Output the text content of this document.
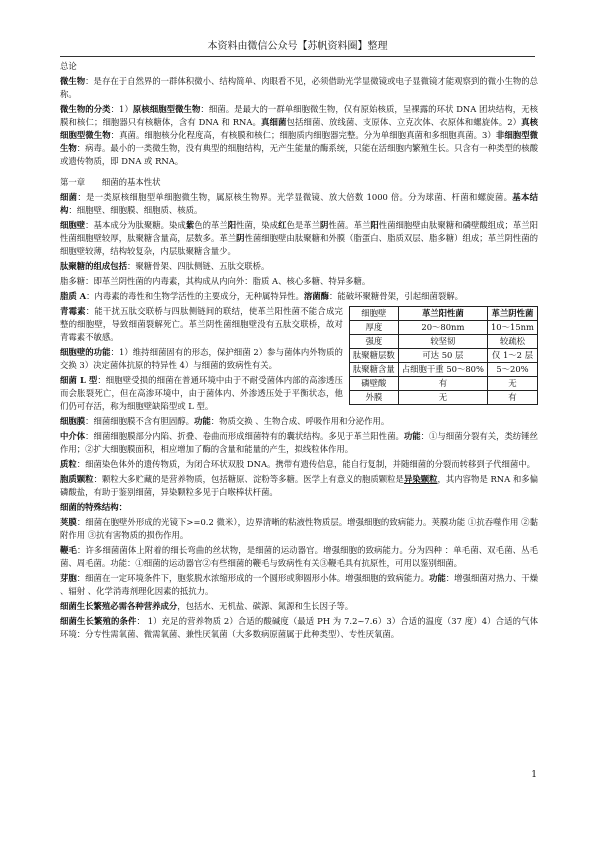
本资料由微信公众号【苏帆资料圈】整理

总论

微生物：是存在于自然界的一群体积微小、结构简单、肉眼看不见，必须借助光学显微镜或电子显微镜才能观察到的微小生物的总称。

微生物的分类：1）原核细胞型微生物：细菌。是最大的一群单细胞微生物，仅有原始核质，呈裸露的环状 DNA 团块结构，无核膜和核仁；细胞器只有核糖体，含有 DNA 和 RNA。真细菌包括细菌、放线菌、支原体、立克次体、衣原体和螺旋体。2）真核细胞型微生物：真菌。细胞核分化程度高，有核膜和核仁；细胞质内细胞器完整。分为单细胞真菌和多细胞真菌。3）非细胞型微生物：病毒。最小的一类微生物，没有典型的细胞结构，无产生能量的酶系统，只能在活细胞内繁殖生长。只含有一种类型的核酸或遗传物质，即 DNA 或 RNA。

第一章　　细菌的基本性状

细菌：是一类原核细胞型单细胞微生物，属原核生物界。光学显微镜、放大倍数 1000 倍。分为球菌、杆菌和螺旋菌。基本结构：细胞壁、细胞膜、细胞质、核质。

细胞壁：基本成分为肽聚糖。染成紫色的革兰阳性菌，染成红色是革兰阴性菌。革兰阳性菌细胞壁由肽聚糖和磷壁酸组成；革兰阳性菌细胞壁较厚，肽聚糖含量高，层数多。革兰阴性菌细胞壁由肽聚糖和外膜（脂蛋白、脂质双层、脂多糖）组成；革兰阴性菌的细胞壁较薄，结构较复杂，内层肽聚糖含量少。

肽聚糖的组成包括：聚糖骨架、四肽侧链、五肽交联桥。

脂多糖：即革兰阴性菌的内毒素，其构成从内向外：脂质 A、核心多糖、特异多糖。

脂质 A：内毒素的毒性和生物学活性的主要成分，无种属特异性。溶菌酶：能破坏聚糖骨架，引起细菌裂解。

细胞壁	革兰阳性菌	革兰阴性菌
厚度	20～80nm	10～15nm
强度	较坚韧	较疏松
肽聚糖层数	可达 50 层	仅 1～2 层
肽聚糖含量	占细胞干重 50～80%	5～20%
磷壁酸	有	无
外膜	无	有

青霉素：能干扰五肽交联桥与四肽侧链间的联结，使革兰阳性菌不能合成完整的细胞壁，导致细菌裂解死亡。革兰阴性菌细胞壁没有五肽交联桥，故对青霉素不敏感。

细胞壁的功能：1）维持细菌固有的形态，保护细菌 2）参与菌体内外物质的交换 3）决定菌体抗原的特异性 4）与细菌的致病性有关。

细菌 L 型：细胞壁受损的细菌在普通环境中由于不耐受菌体内部的高渗透压而会胀裂死亡，但在高渗环境中，由于菌体内、外渗透压处于平衡状态，他们仍可存活，称为细胞壁缺陷型或 L 型。

细胞膜：细菌细胞膜不含有胆固醇。功能：物质交换 、生物合成、呼吸作用和分泌作用。

中介体：细菌细胞膜部分内陷、折叠、卷曲而形成细菌特有的囊状结构。多见于革兰阳性菌。功能：①与细菌分裂有关，类纺锤丝作用；②扩大细胞膜面积，相应增加了酶的含量和能量的产生，拟线粒体作用。

质粒：细菌染色体外的遗传物质，为闭合环状双股 DNA。携带有遗传信息，能自行复制，并随细菌的分裂而转移到子代细菌中。

胞质颗粒：颗粒大多贮藏的是营养物质，包括糖原、淀粉等多糖。医学上有意义的胞质颗粒是异染颗粒，其内容物是 RNA 和多偏磷酸盐，有助于鉴别细菌，异染颗粒多见于白喉棒状杆菌。

细菌的特殊结构：

荚膜：细菌在胞壁外形成的光镜下>=0.2 微米），边界清晰的粘液性物质层。增强细胞的致病能力。荚膜功能 ①抗吞噬作用 ②黏附作用 ③抗有害物质的损伤作用。

鞭毛：许多细菌菌体上附着的细长弯曲的丝状物，是细菌的运动器官。增强细胞的致病能力。分为四种 ：单毛菌、双毛菌、丛毛菌、周毛菌。功能：①细菌的运动器官②有些细菌的鞭毛与致病性有关③鞭毛具有抗原性，可用以鉴别细菌。

芽胞：细菌在一定环境条件下，胞浆脱水浓缩形成的一个圆形或卵圆形小体。增强细胞的致病能力。功能：增强细菌对热力、干燥 、辐射 、化学消毒剂理化因素的抵抗力。

细菌生长繁殖必需各种营养成分，包括水、无机盐、碳源、氮源和生长因子等。

细菌生长繁殖的条件： 1）充足的营养物质 2）合适的酸碱度（最适 PH 为 7.2~7.6）3）合适的温度（37 度）4）合适的气体环境：分专性需氧菌、微需氧菌、兼性厌氧菌（大多数病原菌属于此种类型）、专性厌氧菌。

1
